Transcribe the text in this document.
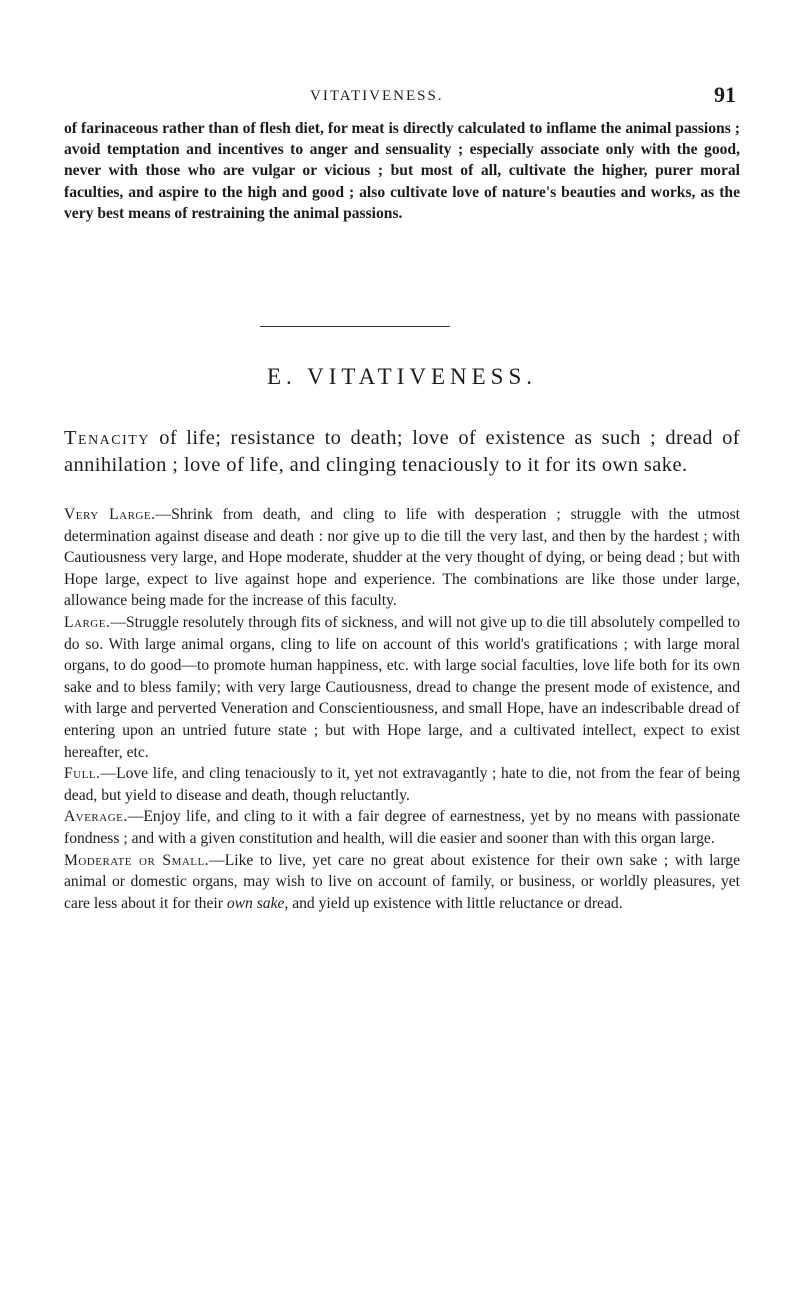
VITATIVENESS.	91

of farinaceous rather than of flesh diet, for meat is directly calculated to inflame the animal passions ; avoid temptation and incentives to anger and sensuality ; especially associate only with the good, never with those who are vulgar or vicious ; but most of all, cultivate the higher, purer moral faculties, and aspire to the high and good ; also cultivate love of nature's beauties and works, as the very best means of restraining the animal passions.

E. VITATIVENESS.

Tenacity of life; resistance to death; love of existence as such ; dread of annihilation ; love of life, and clinging tenaciously to it for its own sake.

Very Large.—Shrink from death, and cling to life with desperation ; struggle with the utmost determination against disease and death : nor give up to die till the very last, and then by the hardest ; with Cautiousness very large, and Hope moderate, shudder at the very thought of dying, or being dead ; but with Hope large, expect to live against hope and experience. The combinations are like those under large, allowance being made for the increase of this faculty.

Large.—Struggle resolutely through fits of sickness, and will not give up to die till absolutely compelled to do so. With large animal organs, cling to life on account of this world's gratifications ; with large moral organs, to do good—to promote human happiness, etc. with large social faculties, love life both for its own sake and to bless family; with very large Cautiousness, dread to change the present mode of existence, and with large and perverted Veneration and Conscientiousness, and small Hope, have an indescribable dread of entering upon an untried future state ; but with Hope large, and a cultivated intellect, expect to exist hereafter, etc.

Full.—Love life, and cling tenaciously to it, yet not extravagantly ; hate to die, not from the fear of being dead, but yield to disease and death, though reluctantly.

Average.—Enjoy life, and cling to it with a fair degree of earnestness, yet by no means with passionate fondness ; and with a given constitution and health, will die easier and sooner than with this organ large.

Moderate or Small.—Like to live, yet care no great about existence for their own sake ; with large animal or domestic organs, may wish to live on account of family, or business, or worldly pleasures, yet care less about it for their own sake, and yield up existence with little reluctance or dread.
